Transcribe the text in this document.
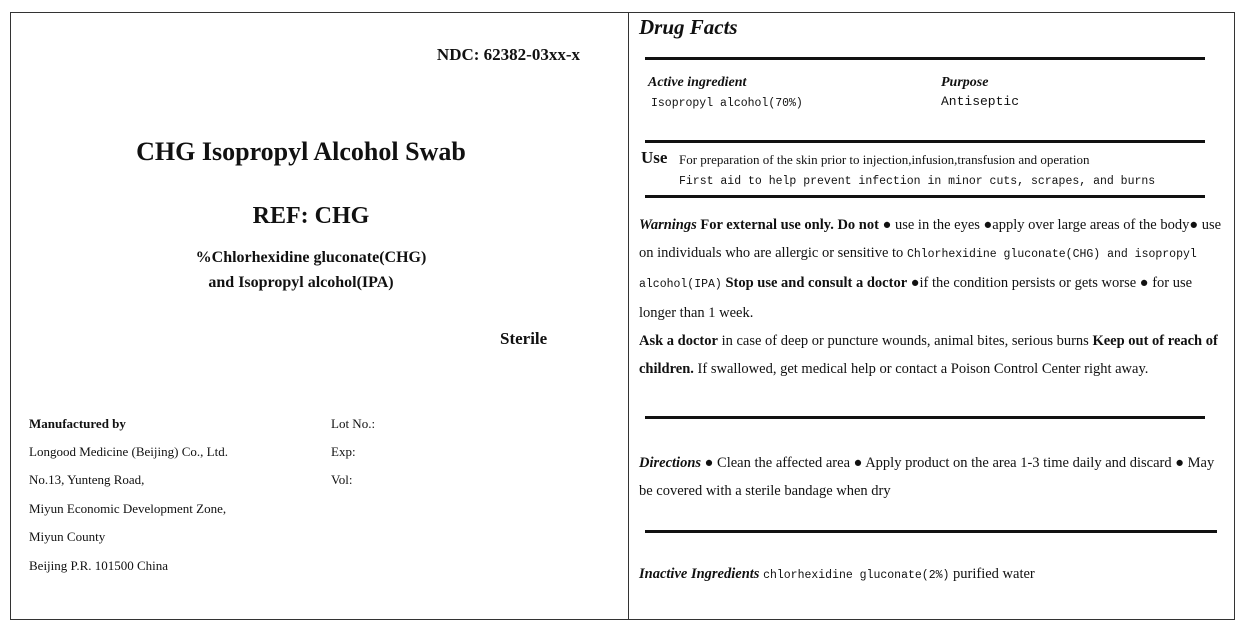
NDC: 62382-03xx-x
CHG Isopropyl Alcohol Swab
REF: CHG
%Chlorhexidine gluconate(CHG)
and Isopropyl alcohol(IPA)
Sterile
Manufactured by
Longood Medicine (Beijing) Co., Ltd.
No.13, Yunteng Road,
Miyun Economic Development Zone,
Miyun County
Beijing P.R. 101500 China
Lot No.:
Exp:
Vol:
Drug Facts
Active ingredient
Isopropyl alcohol(70%)
Purpose
Antiseptic
Use For preparation of the skin prior to injection,infusion,transfusion and operation
First aid to help prevent infection in minor cuts, scrapes, and burns
Warnings For external use only. Do not ● use in the eyes ●apply over large areas of the body● use on individuals who are allergic or sensitive to Chlorhexidine gluconate(CHG) and isopropyl alcohol(IPA) Stop use and consult a doctor ●if the condition persists or gets worse ● for use longer than 1 week.
Ask a doctor in case of deep or puncture wounds, animal bites, serious burns Keep out of reach of children. If swallowed, get medical help or contact a Poison Control Center right away.
Directions ● Clean the affected area ● Apply product on the area 1-3 time daily and discard ● May be covered with a sterile bandage when dry
Inactive Ingredients chlorhexidine gluconate(2%) purified water
